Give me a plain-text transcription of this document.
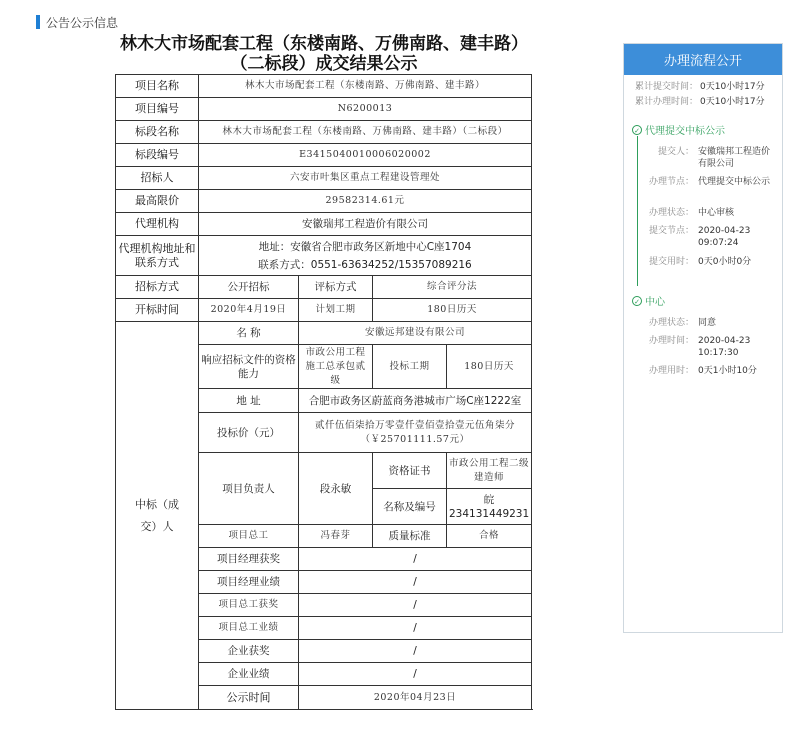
公告公示信息
林木大市场配套工程（东楼南路、万佛南路、建丰路）
（二标段）成交结果公示
项目名称	林木大市场配套工程（东楼南路、万佛南路、建丰路）			
项目编号	N6200013			
标段名称	林木大市场配套工程（东楼南路、万佛南路、建丰路）（二标段）			
标段编号	E3415040010006020002			
招标人	六安市叶集区重点工程建设管理处			
最高限价	29582314.61元			
代理机构	安徽瑞邦工程造价有限公司			
代理机构地址和联系方式	地址：安徽省合肥市政务区新地中心C座1704
联系方式：0551-63634252/15357089216			

招标方式	公开招标	评标方式	综合评分法	
开标时间	2020年4月19日	计划工期	180日历天	

中标（成交）人	名 称	安徽远邦建设有限公司		
	响应招标文件的资格能力	市政公用工程施工总承包贰级	投标工期	180日历天
	地 址	合肥市政务区蔚蓝商务港城市广场C座1222室		
	投标价（元）	贰仟伍佰柒拾万零壹仟壹佰壹拾壹元伍角柒分（￥25701111.57元）		
	项目负责人	段永敏	资格证书	市政公用工程二级建造师
			名称及编号	皖234131449231
	项目总工	冯春芽	质量标准	合格
	项目经理获奖	/		
	项目经理业绩	/		
	项目总工获奖	/		
	项目总工业绩	/		
	企业获奖	/		
	企业业绩	/		
	公示时间	2020年04月23日		
办理流程公开
累计提交时间： 0天10小时17分
累计办理时间： 0天10小时17分
✓ 代理提交中标公示
提交人： 安徽瑞邦工程造价有限公司
办理节点： 代理提交中标公示
办理状态： 中心审核
提交节点： 2020-04-23 09:07:24
提交用时： 0天0小时0分
✓ 中心
办理状态： 同意
办理时间： 2020-04-23 10:17:30
办理用时： 0天1小时10分
